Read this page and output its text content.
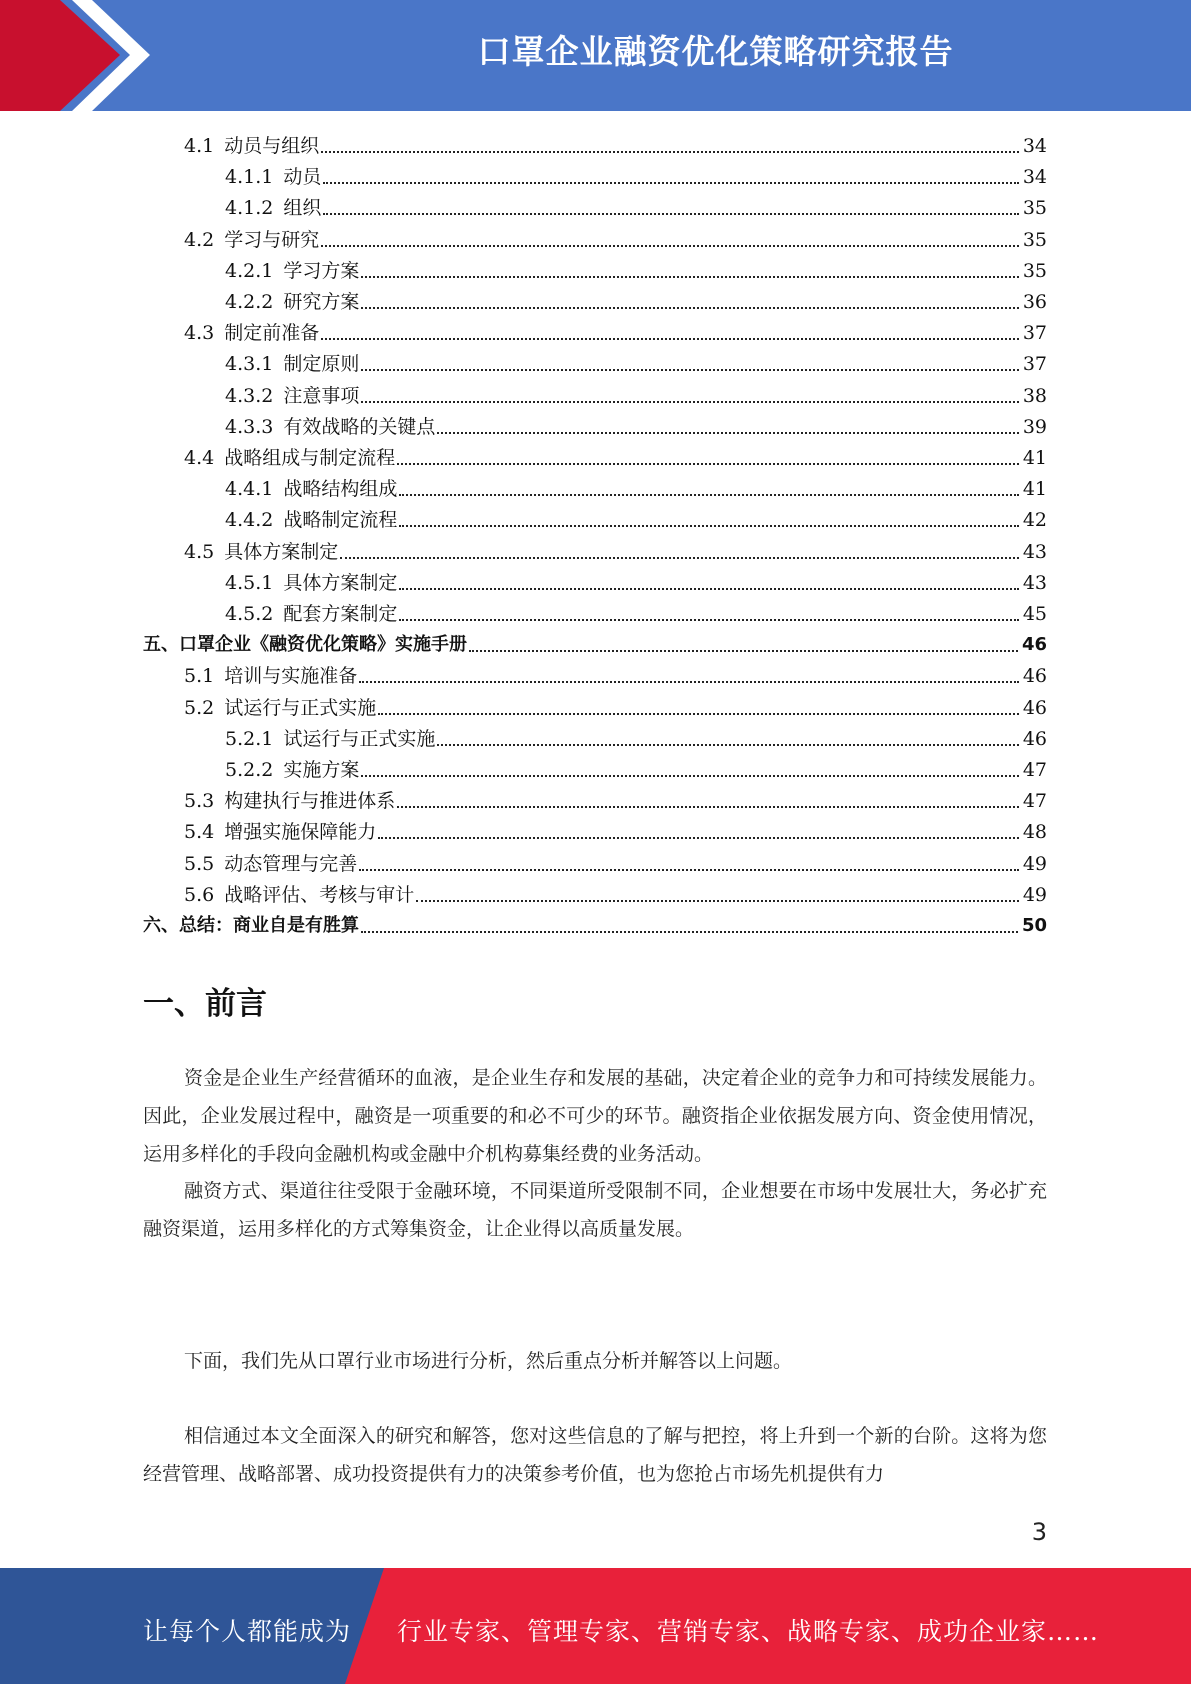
口罩企业融资优化策略研究报告
4.1 动员与组织	34
4.1.1 动员	34
4.1.2 组织	35
4.2 学习与研究	35
4.2.1 学习方案	35
4.2.2 研究方案	36
4.3 制定前准备	37
4.3.1 制定原则	37
4.3.2 注意事项	38
4.3.3 有效战略的关键点	39
4.4 战略组成与制定流程	41
4.4.1 战略结构组成	41
4.4.2 战略制定流程	42
4.5 具体方案制定	43
4.5.1 具体方案制定	43
4.5.2 配套方案制定	45
五、口罩企业《融资优化策略》实施手册	46
5.1 培训与实施准备	46
5.2 试运行与正式实施	46
5.2.1 试运行与正式实施	46
5.2.2 实施方案	47
5.3 构建执行与推进体系	47
5.4 增强实施保障能力	48
5.5 动态管理与完善	49
5.6 战略评估、考核与审计	49
六、总结：商业自是有胜算	50
一、前言

资金是企业生产经营循环的血液，是企业生存和发展的基础，决定着企业的竞争力和可持续发展能力。因此，企业发展过程中，融资是一项重要的和必不可少的环节。融资指企业依据发展方向、资金使用情况，运用多样化的手段向金融机构或金融中介机构募集经费的业务活动。

融资方式、渠道往往受限于金融环境，不同渠道所受限制不同，企业想要在市场中发展壮大，务必扩充融资渠道，运用多样化的方式筹集资金，让企业得以高质量发展。

下面，我们先从口罩行业市场进行分析，然后重点分析并解答以上问题。

相信通过本文全面深入的研究和解答，您对这些信息的了解与把控，将上升到一个新的台阶。这将为您经营管理、战略部署、成功投资提供有力的决策参考价值，也为您抢占市场先机提供有力

3
让每个人都能成为 行业专家、管理专家、营销专家、战略专家、成功企业家……
